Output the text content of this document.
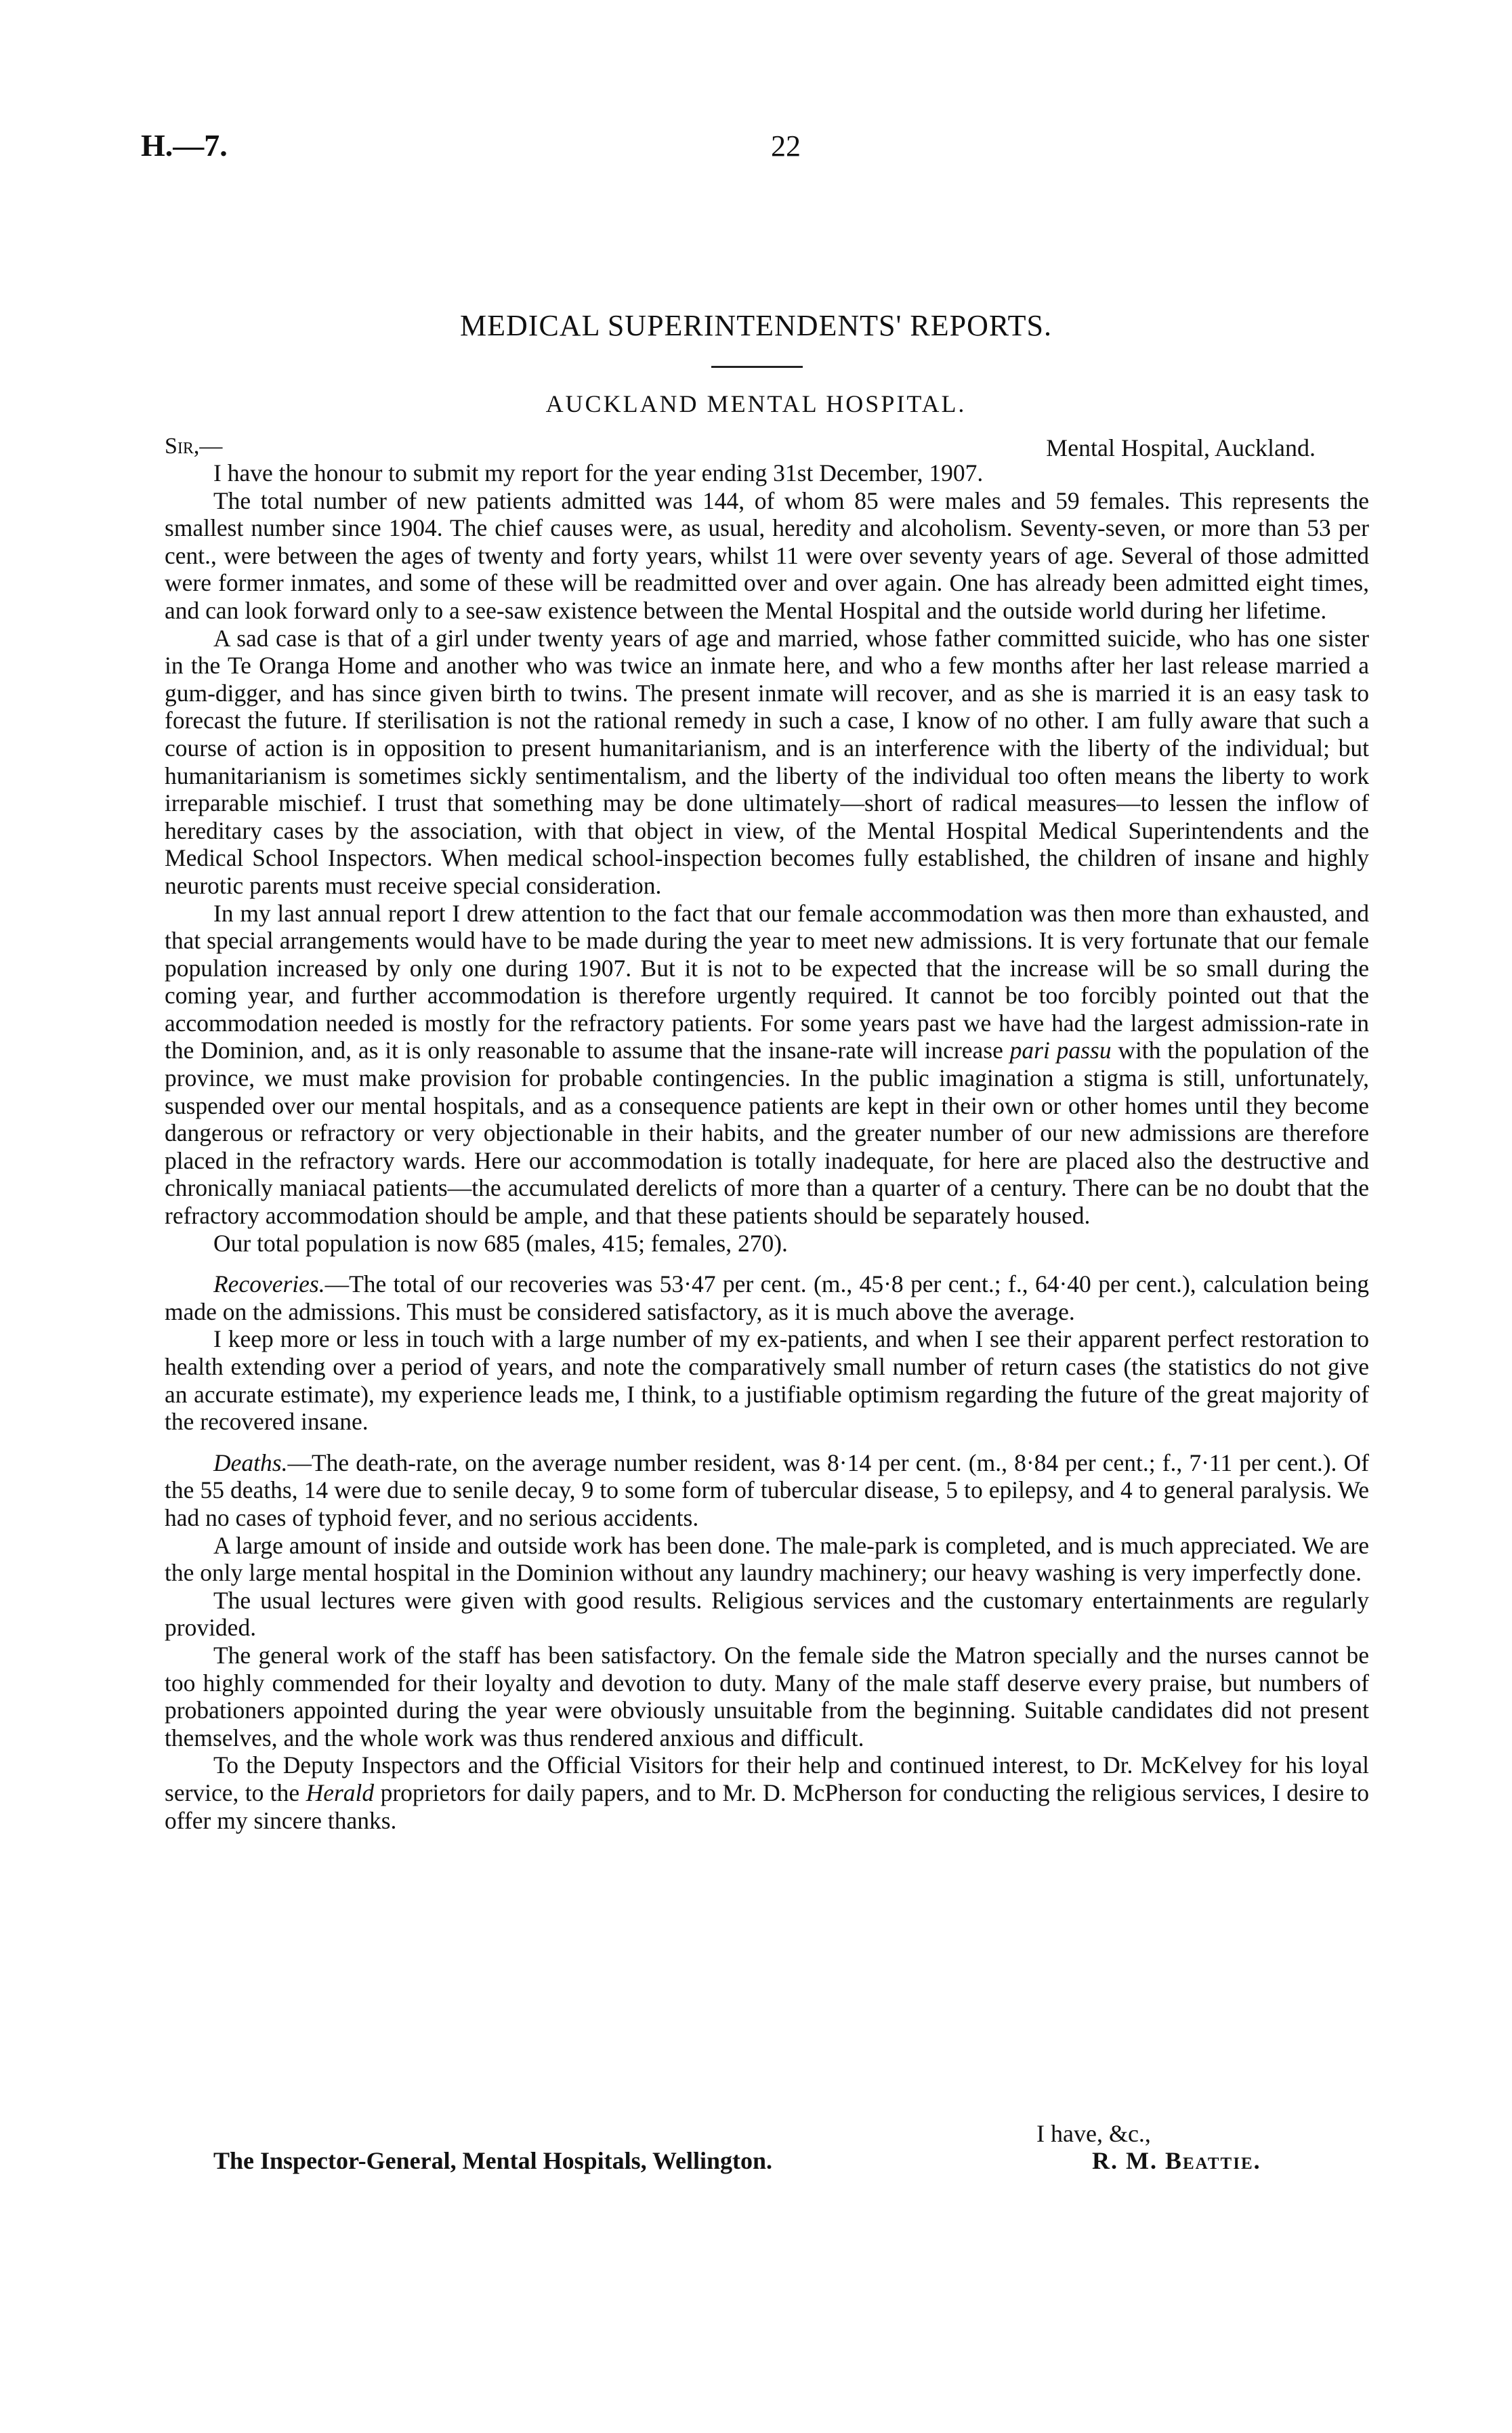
H.—7.	22
MEDICAL SUPERINTENDENTS' REPORTS.
AUCKLAND MENTAL HOSPITAL.
Sir,—	Mental Hospital, Auckland.

I have the honour to submit my report for the year ending 31st December, 1907.

The total number of new patients admitted was 144, of whom 85 were males and 59 females. This represents the smallest number since 1904. The chief causes were, as usual, heredity and alcoholism. Seventy-seven, or more than 53 per cent., were between the ages of twenty and forty years, whilst 11 were over seventy years of age. Several of those admitted were former inmates, and some of these will be readmitted over and over again. One has already been admitted eight times, and can look forward only to a see-saw existence between the Mental Hospital and the outside world during her lifetime.

A sad case is that of a girl under twenty years of age and married, whose father committed suicide, who has one sister in the Te Oranga Home and another who was twice an inmate here, and who a few months after her last release married a gum-digger, and has since given birth to twins. The present inmate will recover, and as she is married it is an easy task to forecast the future. If sterilisation is not the rational remedy in such a case, I know of no other. I am fully aware that such a course of action is in opposition to present humanitarianism, and is an interference with the liberty of the individual; but humanitarianism is sometimes sickly sentimentalism, and the liberty of the individual too often means the liberty to work irreparable mischief. I trust that something may be done ultimately—short of radical measures—to lessen the inflow of hereditary cases by the association, with that object in view, of the Mental Hospital Medical Superintendents and the Medical School Inspectors. When medical school-inspection becomes fully established, the children of insane and highly neurotic parents must receive special consideration.

In my last annual report I drew attention to the fact that our female accommodation was then more than exhausted, and that special arrangements would have to be made during the year to meet new admissions. It is very fortunate that our female population increased by only one during 1907. But it is not to be expected that the increase will be so small during the coming year, and further accommodation is therefore urgently required. It cannot be too forcibly pointed out that the accommodation needed is mostly for the refractory patients. For some years past we have had the largest admission-rate in the Dominion, and, as it is only reasonable to assume that the insane-rate will increase pari passu with the population of the province, we must make provision for probable contingencies. In the public imagination a stigma is still, unfortunately, suspended over our mental hospitals, and as a consequence patients are kept in their own or other homes until they become dangerous or refractory or very objectionable in their habits, and the greater number of our new admissions are therefore placed in the refractory wards. Here our accommodation is totally inadequate, for here are placed also the destructive and chronically maniacal patients—the accumulated derelicts of more than a quarter of a century. There can be no doubt that the refractory accommodation should be ample, and that these patients should be separately housed.

Our total population is now 685 (males, 415; females, 270).

Recoveries.—The total of our recoveries was 53·47 per cent. (m., 45·8 per cent.; f., 64·40 per cent.), calculation being made on the admissions. This must be considered satisfactory, as it is much above the average.

I keep more or less in touch with a large number of my ex-patients, and when I see their apparent perfect restoration to health extending over a period of years, and note the comparatively small number of return cases (the statistics do not give an accurate estimate), my experience leads me, I think, to a justifiable optimism regarding the future of the great majority of the recovered insane.

Deaths.—The death-rate, on the average number resident, was 8·14 per cent. (m., 8·84 per cent.; f., 7·11 per cent.). Of the 55 deaths, 14 were due to senile decay, 9 to some form of tubercular disease, 5 to epilepsy, and 4 to general paralysis. We had no cases of typhoid fever, and no serious accidents.

A large amount of inside and outside work has been done. The male-park is completed, and is much appreciated. We are the only large mental hospital in the Dominion without any laundry machinery; our heavy washing is very imperfectly done.

The usual lectures were given with good results. Religious services and the customary entertainments are regularly provided.

The general work of the staff has been satisfactory. On the female side the Matron specially and the nurses cannot be too highly commended for their loyalty and devotion to duty. Many of the male staff deserve every praise, but numbers of probationers appointed during the year were obviously unsuitable from the beginning. Suitable candidates did not present themselves, and the whole work was thus rendered anxious and difficult.

To the Deputy Inspectors and the Official Visitors for their help and continued interest, to Dr. McKelvey for his loyal service, to the Herald proprietors for daily papers, and to Mr. D. McPherson for conducting the religious services, I desire to offer my sincere thanks.

I have, &c.,
The Inspector-General, Mental Hospitals, Wellington.	R. M. Beattie.
